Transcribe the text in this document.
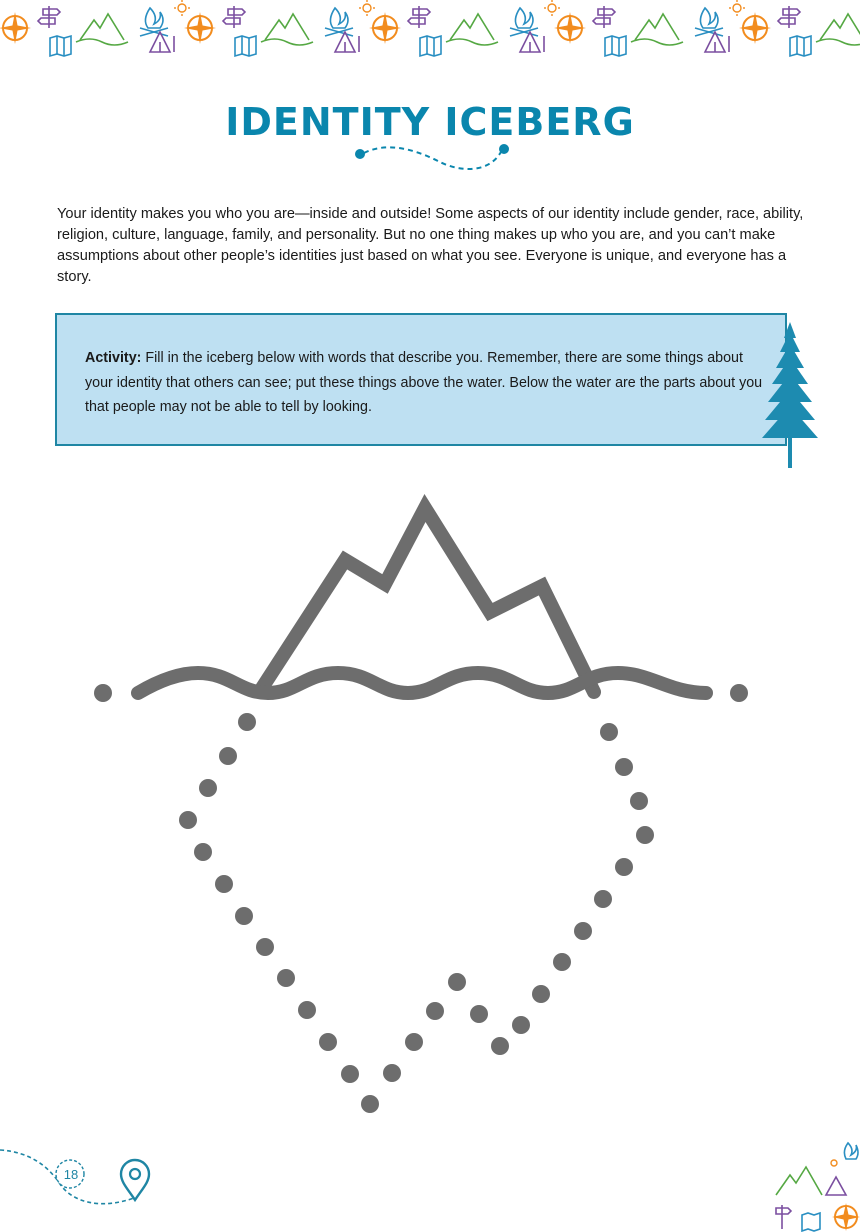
IDENTITY ICEBERG

Your identity makes you who you are—inside and outside! Some aspects of our identity include gender, race, ability, religion, culture, language, family, and personality. But no one thing makes up who you are, and you can’t make assumptions about other people’s identities just based on what you see. Everyone is unique, and everyone has a story.

Activity: Fill in the iceberg below with words that describe you. Remember, there are some things about your identity that others can see; put these things above the water. Below the water are the parts about you that people may not be able to tell by looking.

18
